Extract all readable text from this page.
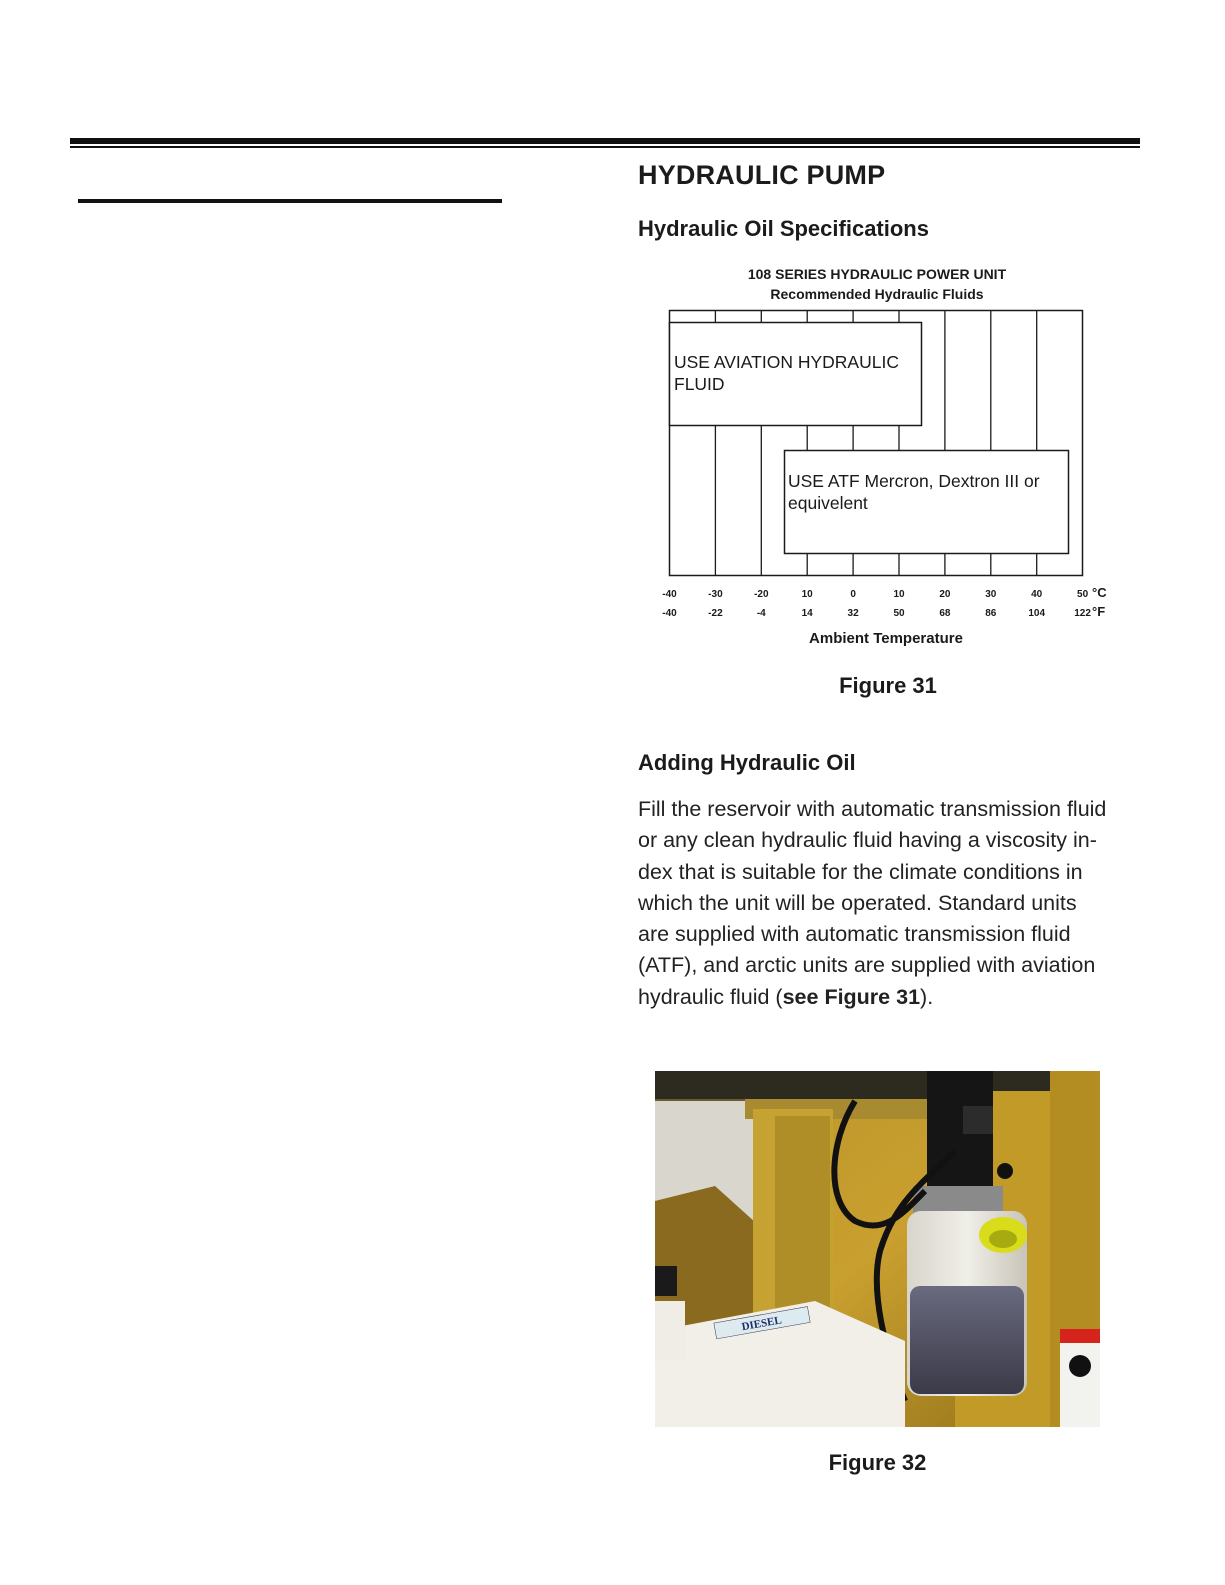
HYDRAULIC PUMP
Hydraulic Oil Specifications
108 SERIES HYDRAULIC POWER UNIT
Recommended Hydraulic Fluids
USE AVIATION HYDRAULIC FLUID
USE ATF Mercron, Dextron III or equivelent
-40	-30	-20	10	0	10	20	30	40	50
-40	-22	-4	14	32	50	68	86	104	122
°C
°F
Ambient Temperature
Figure 31
Adding Hydraulic Oil
Fill the reservoir with automatic transmission fluid
or any clean hydraulic fluid having a viscosity in-
dex that is suitable for the climate conditions in
which the unit will be operated. Standard units
are supplied with automatic transmission fluid
(ATF), and arctic units are supplied with aviation
hydraulic fluid (see Figure 31).
DIESEL
Figure 32
